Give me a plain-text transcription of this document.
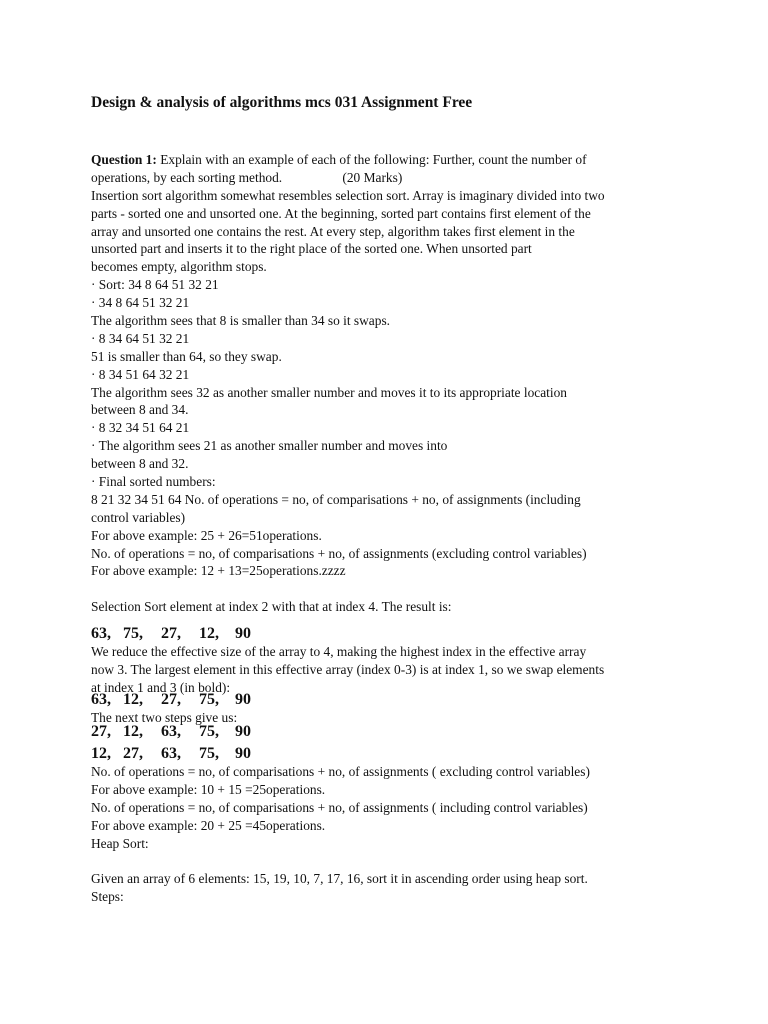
Design & analysis of algorithms mcs 031 Assignment Free
Question 1: Explain with an example of each of the following: Further, count the number of
operations, by each sorting method.                  (20 Marks)
Insertion sort algorithm somewhat resembles selection sort. Array is imaginary divided into two
parts - sorted one and unsorted one. At the beginning, sorted part contains first element of the
array and unsorted one contains the rest. At every step, algorithm takes first element in the
unsorted part and inserts it to the right place of the sorted one. When unsorted part
becomes empty, algorithm stops.
· Sort: 34 8 64 51 32 21
· 34 8 64 51 32 21
The algorithm sees that 8 is smaller than 34 so it swaps.
· 8 34 64 51 32 21
51 is smaller than 64, so they swap.
· 8 34 51 64 32 21
The algorithm sees 32 as another smaller number and moves it to its appropriate location
between 8 and 34.
· 8 32 34 51 64 21
· The algorithm sees 21 as another smaller number and moves into
between 8 and 32.
· Final sorted numbers:
8 21 32 34 51 64 No. of operations = no, of comparisations + no, of assignments (including
control variables)
For above example: 25 + 26=51operations.
No. of operations = no, of comparisations + no, of assignments (excluding control variables)
For above example: 12 + 13=25operations.zzzz
Selection Sort element at index 2 with that at index 4. The result is:
63, 75, 27, 12, 90
We reduce the effective size of the array to 4, making the highest index in the effective array
now 3. The largest element in this effective array (index 0-3) is at index 1, so we swap elements
at index 1 and 3 (in bold):
63, 12, 27, 75, 90
The next two steps give us:
27, 12, 63, 75, 90
12, 27, 63, 75, 90
No. of operations = no, of comparisations + no, of assignments ( excluding control variables)
For above example: 10 + 15 =25operations.
No. of operations = no, of comparisations + no, of assignments ( including control variables)
For above example: 20 + 25 =45operations.
Heap Sort:
Given an array of 6 elements: 15, 19, 10, 7, 17, 16, sort it in ascending order using heap sort.
Steps:
